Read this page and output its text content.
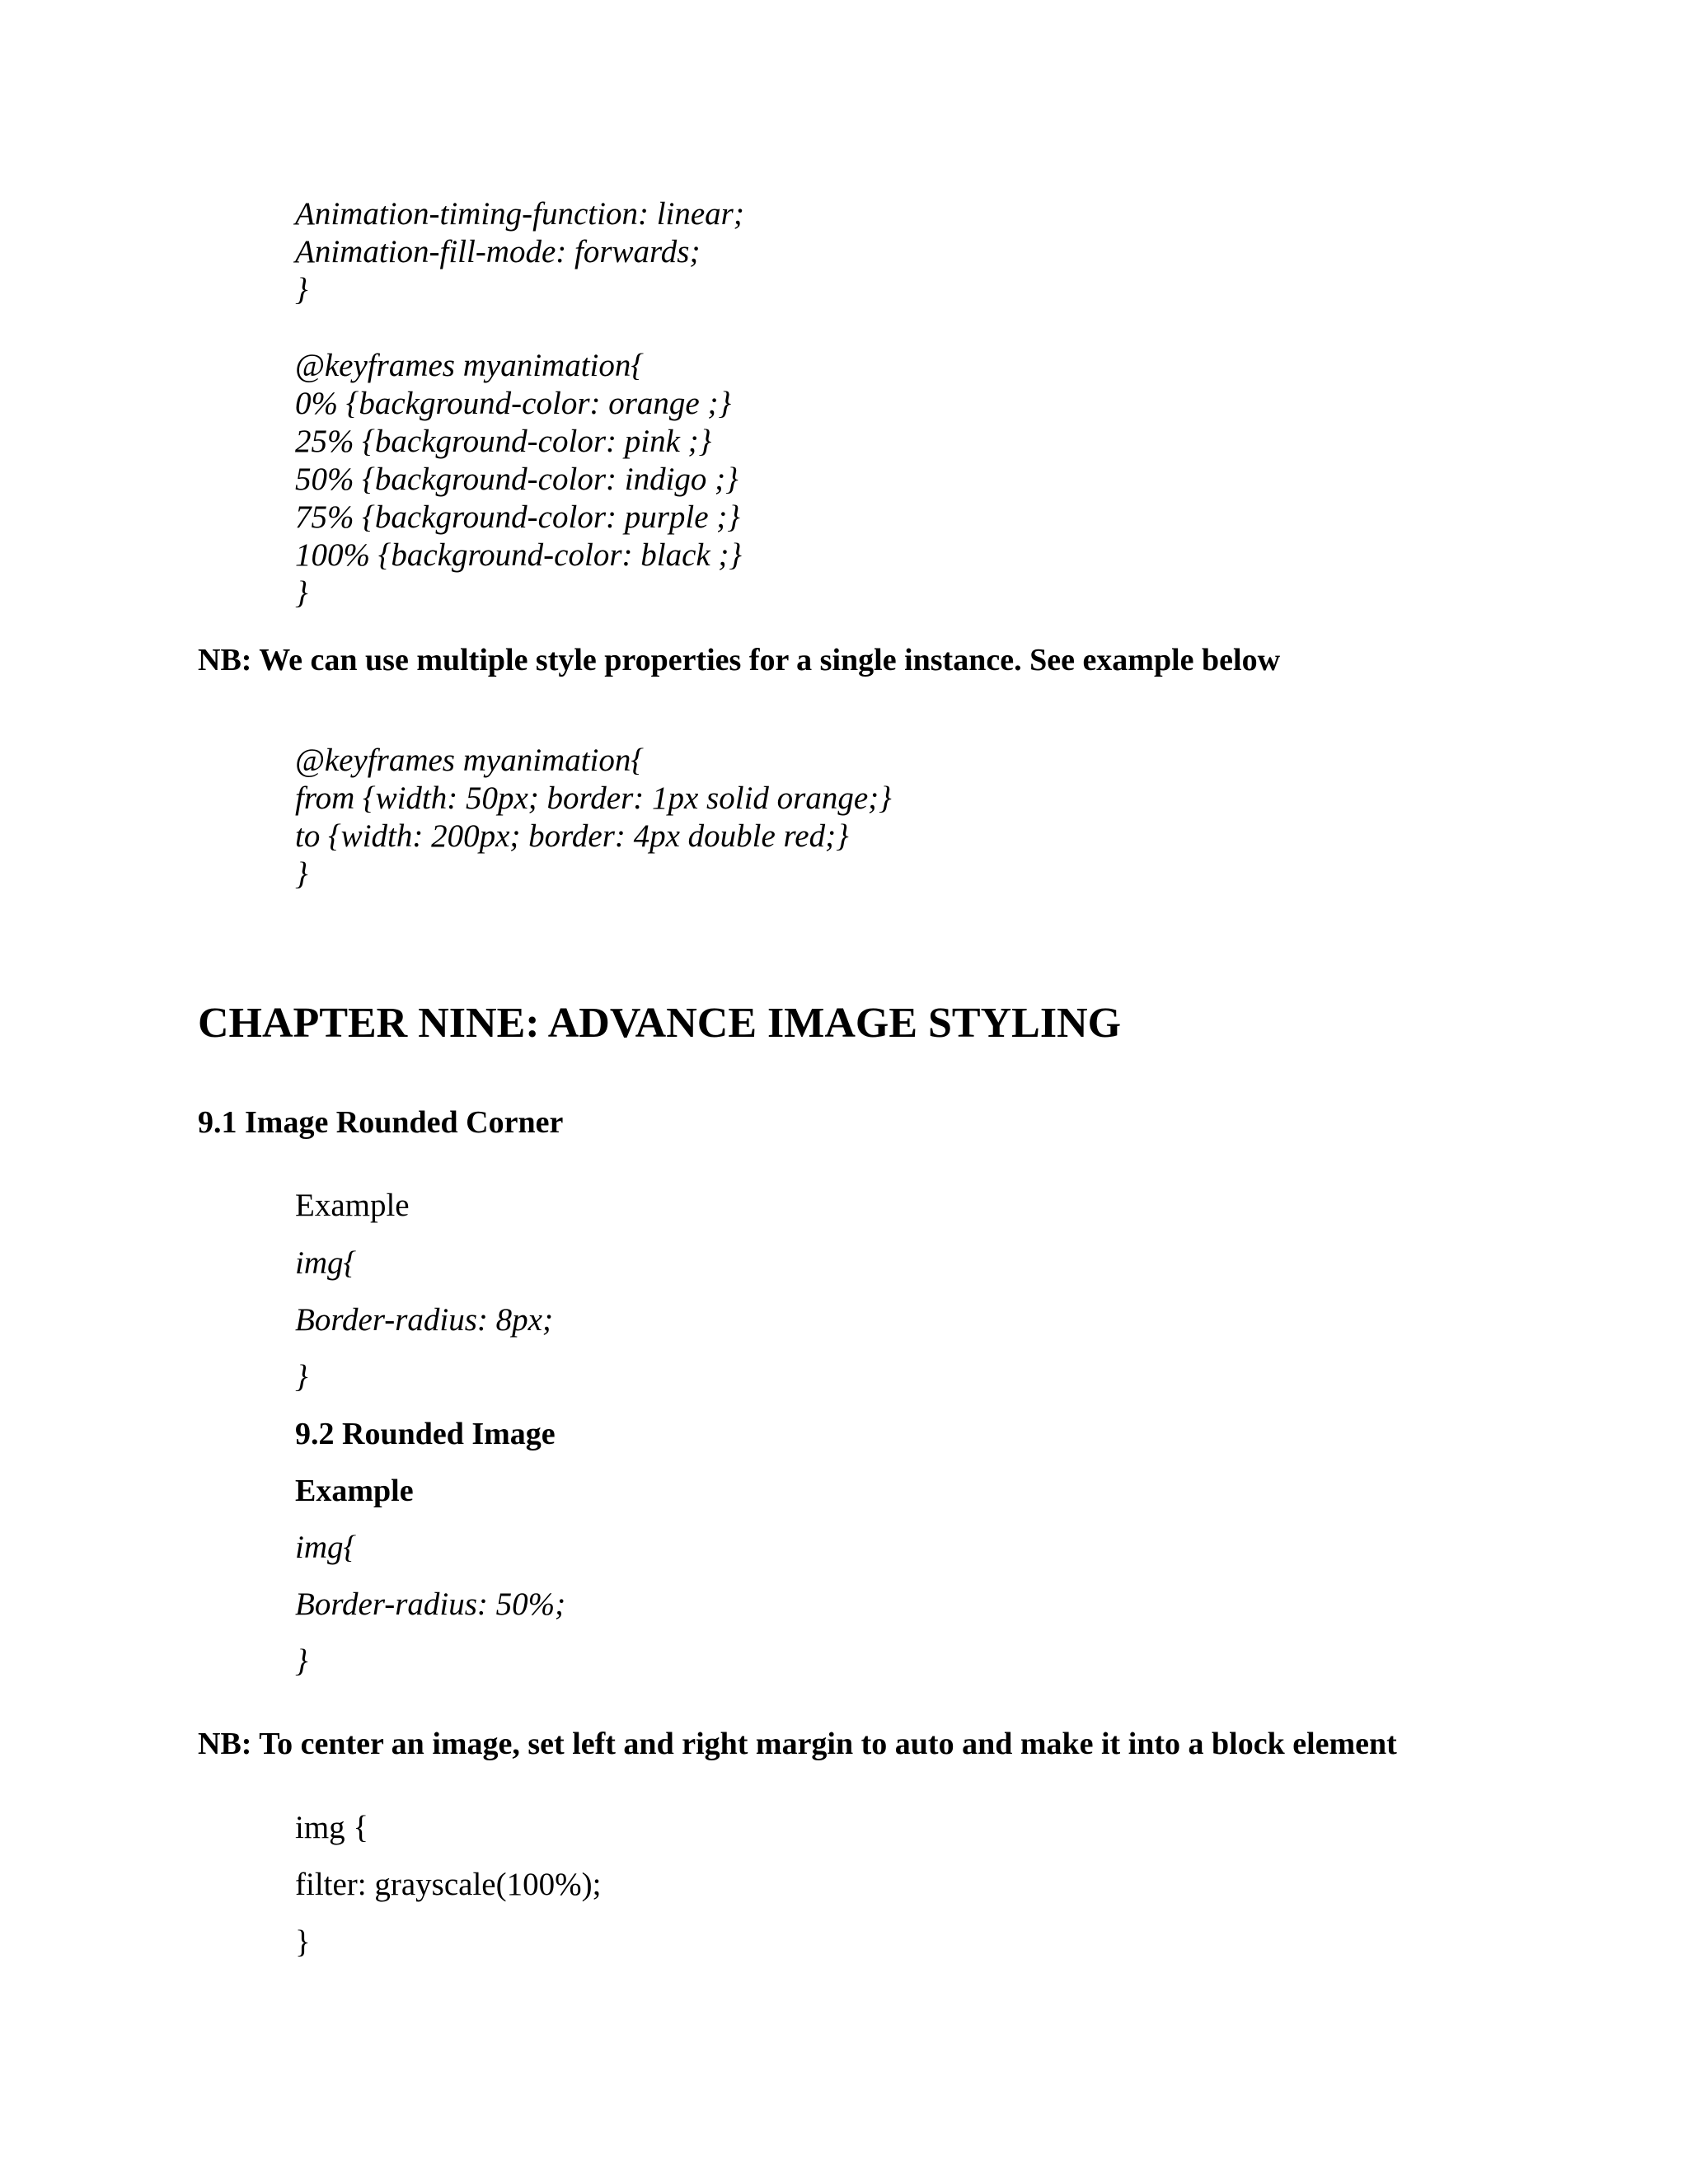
Animation-timing-function: linear;

Animation-fill-mode: forwards;

}

@keyframes myanimation{

0% {background-color: orange ;}

25% {background-color: pink ;}

50% {background-color: indigo ;}

75% {background-color: purple ;}

100% {background-color: black ;}

}

NB: We can use multiple style properties for a single instance. See example below

@keyframes myanimation{

from {width: 50px; border: 1px solid orange;}

to {width: 200px; border: 4px double red;}

}

CHAPTER NINE: ADVANCE IMAGE STYLING
9.1 Image Rounded Corner

Example

img{

Border-radius: 8px;

}

9.2 Rounded Image

Example

img{

Border-radius: 50%;

}

NB: To center an image, set left and right margin to auto and make it into a block element

img {

filter: grayscale(100%);

}
